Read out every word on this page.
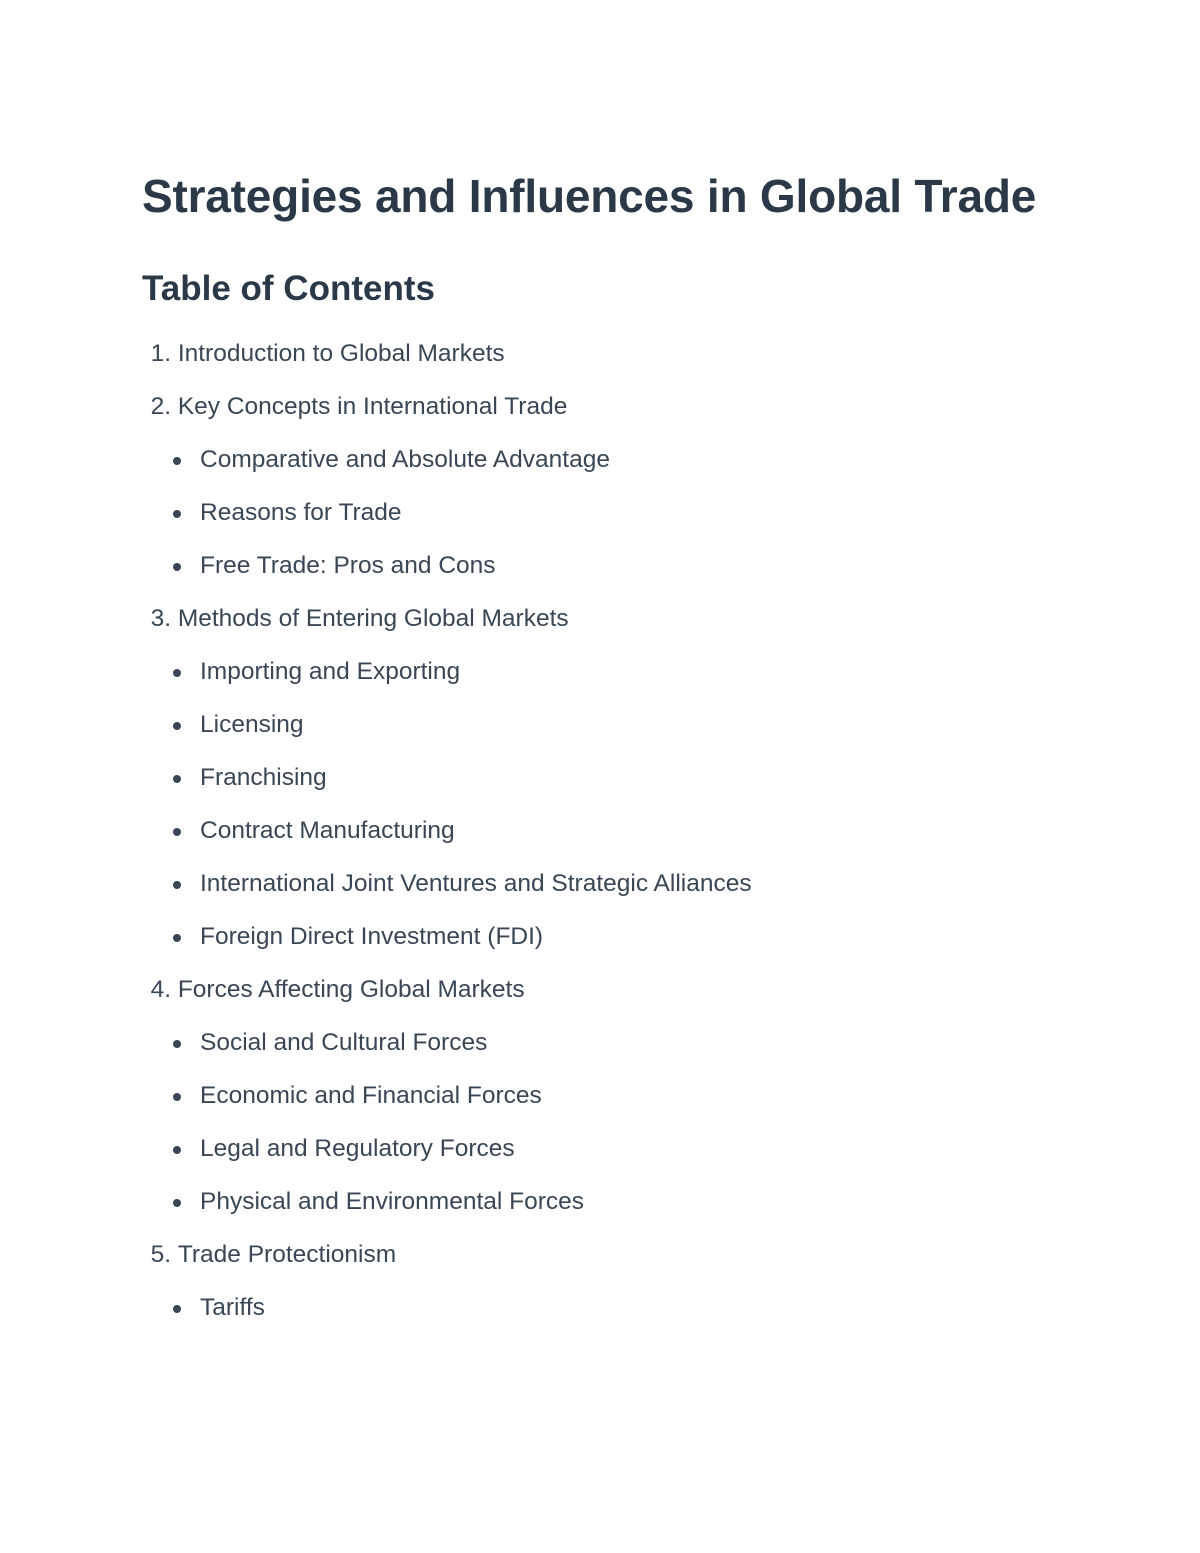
Strategies and Influences in Global Trade
Table of Contents
1.
Introduction to Global Markets
2.
Key Concepts in International Trade
Comparative and Absolute Advantage
Reasons for Trade
Free Trade: Pros and Cons
3.
Methods of Entering Global Markets
Importing and Exporting
Licensing
Franchising
Contract Manufacturing
International Joint Ventures and Strategic Alliances
Foreign Direct Investment (FDI)
4.
Forces Affecting Global Markets
Social and Cultural Forces
Economic and Financial Forces
Legal and Regulatory Forces
Physical and Environmental Forces
5.
Trade Protectionism
Tariffs
